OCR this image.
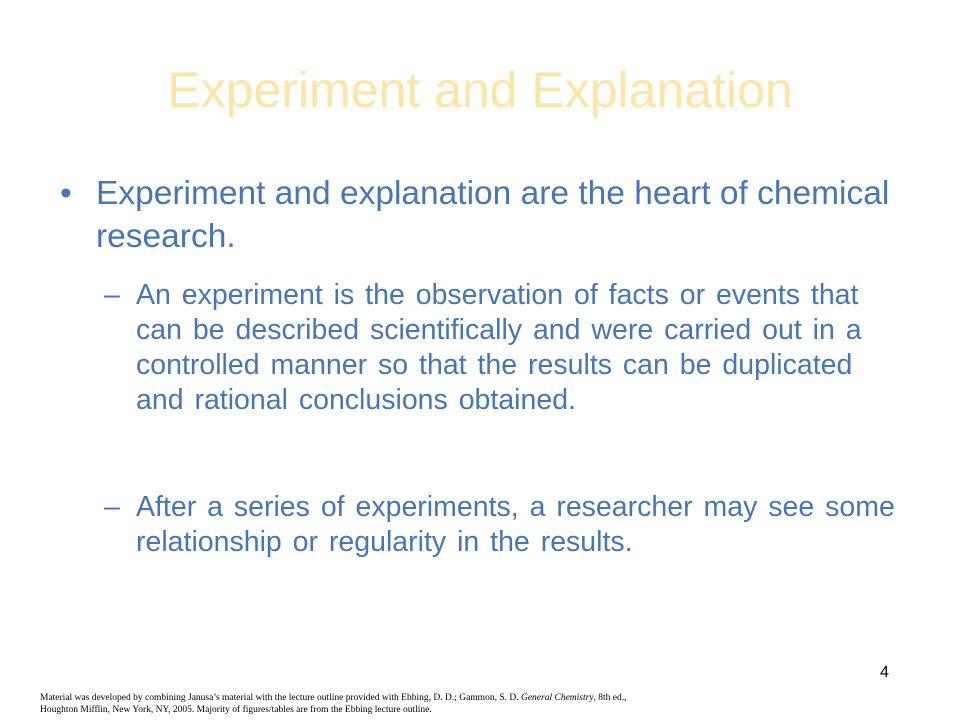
Experiment and Explanation
• Experiment and explanation are the heart of chemical research.
– An experiment is the observation of facts or events that can be described scientifically and were carried out in a controlled manner so that the results can be duplicated and rational conclusions obtained.
– After a series of experiments, a researcher may see some relationship or regularity in the results.
4
Material was developed by combining Janusa’s material with the lecture outline provided with Ebbing, D. D.; Gammon, S. D. General Chemistry, 8th ed., Houghton Mifflin, New York, NY, 2005. Majority of figures/tables are from the Ebbing lecture outline.
